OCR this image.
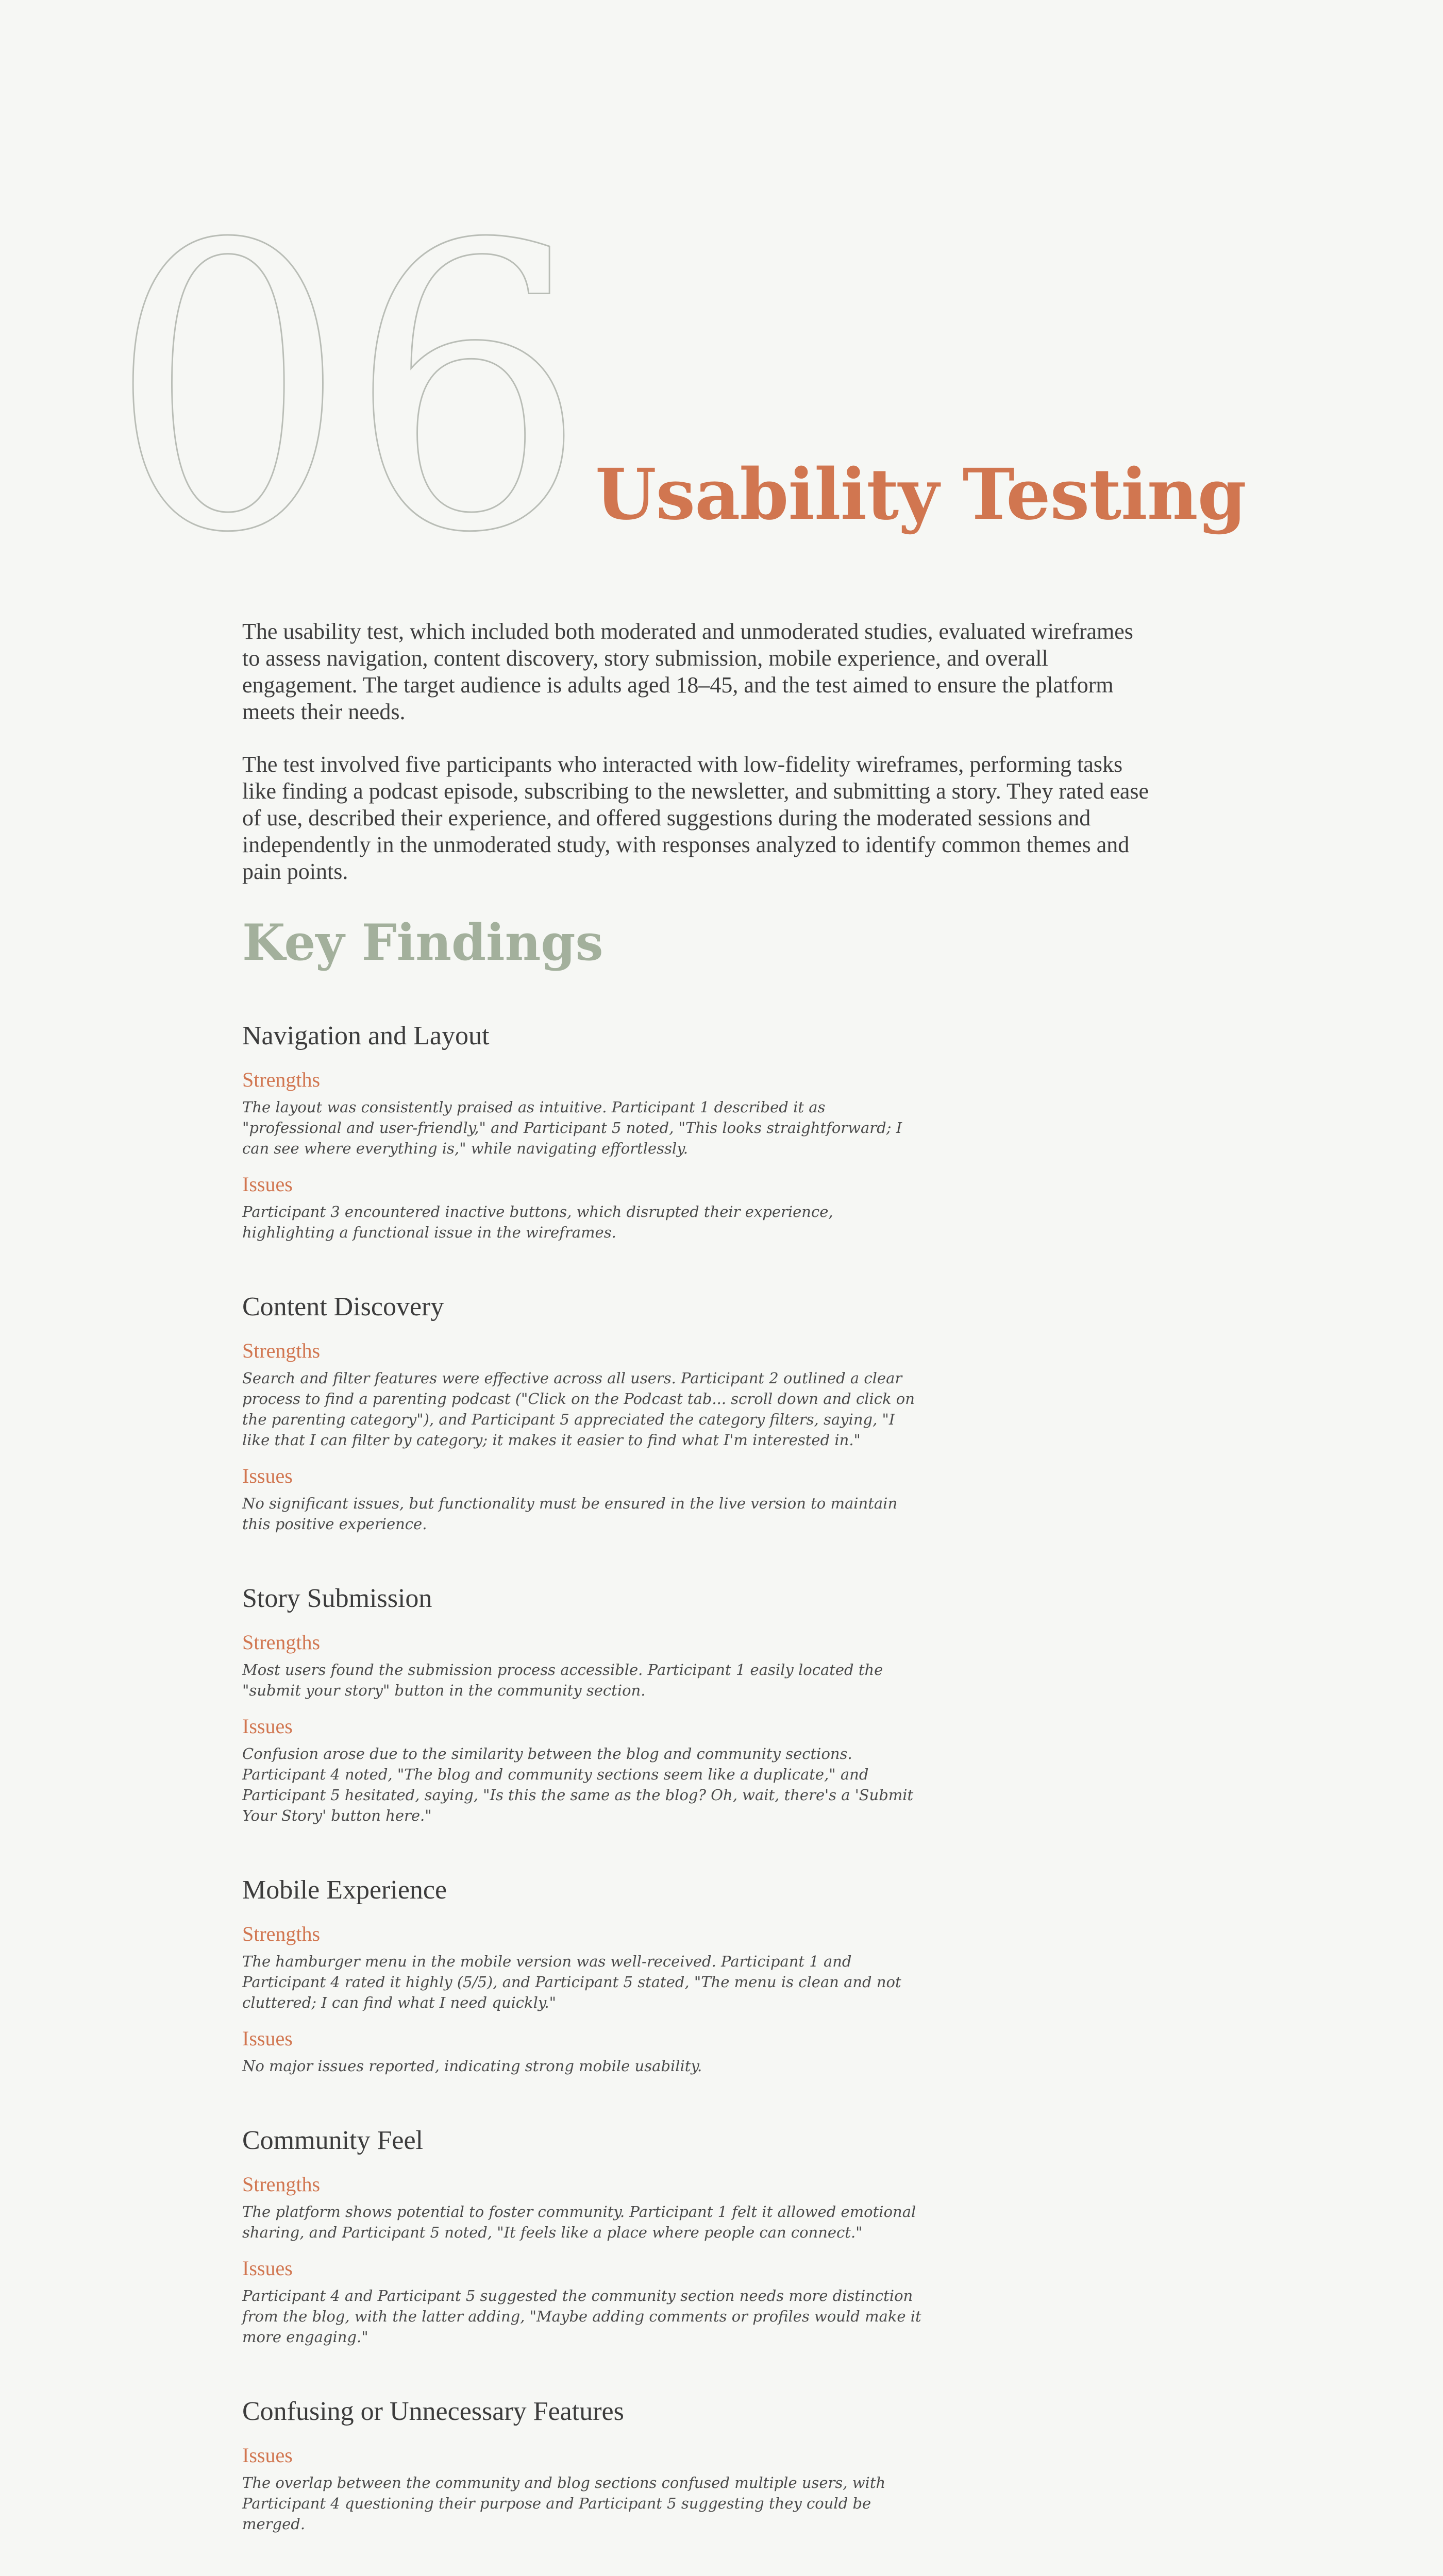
06 Usability Testing

The usability test, which included both moderated and unmoderated studies, evaluated wireframes to assess navigation, content discovery, story submission, mobile experience, and overall engagement. The target audience is adults aged 18–45, and the test aimed to ensure the platform meets their needs.

The test involved five participants who interacted with low-fidelity wireframes, performing tasks like finding a podcast episode, subscribing to the newsletter, and submitting a story. They rated ease of use, described their experience, and offered suggestions during the moderated sessions and independently in the unmoderated study, with responses analyzed to identify common themes and pain points.

Key Findings
Navigation and Layout
Strengths

The layout was consistently praised as intuitive. Participant 1 described it as "professional and user-friendly," and Participant 5 noted, "This looks straightforward; I can see where everything is," while navigating effortlessly.

Issues

Participant 3 encountered inactive buttons, which disrupted their experience, highlighting a functional issue in the wireframes.

Content Discovery
Strengths

Search and filter features were effective across all users. Participant 2 outlined a clear process to find a parenting podcast ("Click on the Podcast tab... scroll down and click on the parenting category"), and Participant 5 appreciated the category filters, saying, "I like that I can filter by category; it makes it easier to find what I'm interested in."

Issues

No significant issues, but functionality must be ensured in the live version to maintain this positive experience.

Story Submission
Strengths

Most users found the submission process accessible. Participant 1 easily located the "submit your story" button in the community section.

Issues

Confusion arose due to the similarity between the blog and community sections. Participant 4 noted, "The blog and community sections seem like a duplicate," and Participant 5 hesitated, saying, "Is this the same as the blog? Oh, wait, there's a 'Submit Your Story' button here."

Mobile Experience
Strengths

The hamburger menu in the mobile version was well-received. Participant 1 and Participant 4 rated it highly (5/5), and Participant 5 stated, "The menu is clean and not cluttered; I can find what I need quickly."

Issues

No major issues reported, indicating strong mobile usability.

Community Feel
Strengths

The platform shows potential to foster community. Participant 1 felt it allowed emotional sharing, and Participant 5 noted, "It feels like a place where people can connect."

Issues

Participant 4 and Participant 5 suggested the community section needs more distinction from the blog, with the latter adding, "Maybe adding comments or profiles would make it more engaging."

Confusing or Unnecessary Features
Issues

The overlap between the community and blog sections confused multiple users, with Participant 4 questioning their purpose and Participant 5 suggesting they could be merged.
